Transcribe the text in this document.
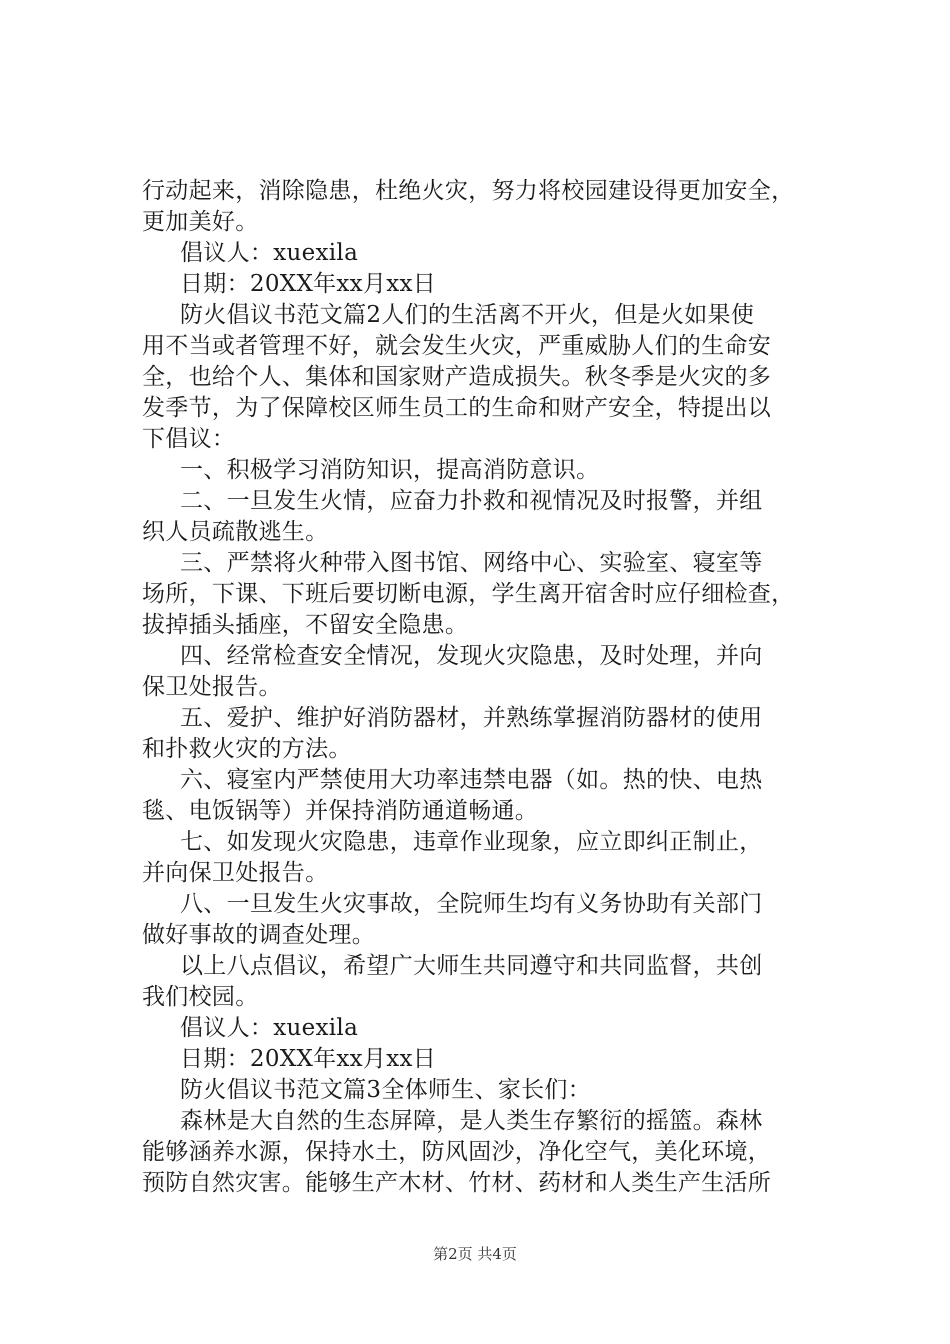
行动起来，消除隐患，杜绝火灾，努力将校园建设得更加安全，
更加美好。
倡议人：xuexila
日期：20XX年xx月xx日
防火倡议书范文篇2人们的生活离不开火，但是火如果使
用不当或者管理不好，就会发生火灾，严重威胁人们的生命安
全，也给个人、集体和国家财产造成损失。秋冬季是火灾的多
发季节，为了保障校区师生员工的生命和财产安全，特提出以
下倡议：
一、积极学习消防知识，提高消防意识。
二、一旦发生火情，应奋力扑救和视情况及时报警，并组
织人员疏散逃生。
三、严禁将火种带入图书馆、网络中心、实验室、寝室等
场所，下课、下班后要切断电源，学生离开宿舍时应仔细检查，
拔掉插头插座，不留安全隐患。
四、经常检查安全情况，发现火灾隐患，及时处理，并向
保卫处报告。
五、爱护、维护好消防器材，并熟练掌握消防器材的使用
和扑救火灾的方法。
六、寝室内严禁使用大功率违禁电器（如。热的快、电热
毯、电饭锅等）并保持消防通道畅通。
七、如发现火灾隐患，违章作业现象，应立即纠正制止，
并向保卫处报告。
八、一旦发生火灾事故，全院师生均有义务协助有关部门
做好事故的调查处理。
以上八点倡议，希望广大师生共同遵守和共同监督，共创
我们校园。
倡议人：xuexila
日期：20XX年xx月xx日
防火倡议书范文篇3全体师生、家长们：
森林是大自然的生态屏障，是人类生存繁衍的摇篮。森林
能够涵养水源，保持水土，防风固沙，净化空气，美化环境，
预防自然灾害。能够生产木材、竹材、药材和人类生产生活所
第2页 共4页
